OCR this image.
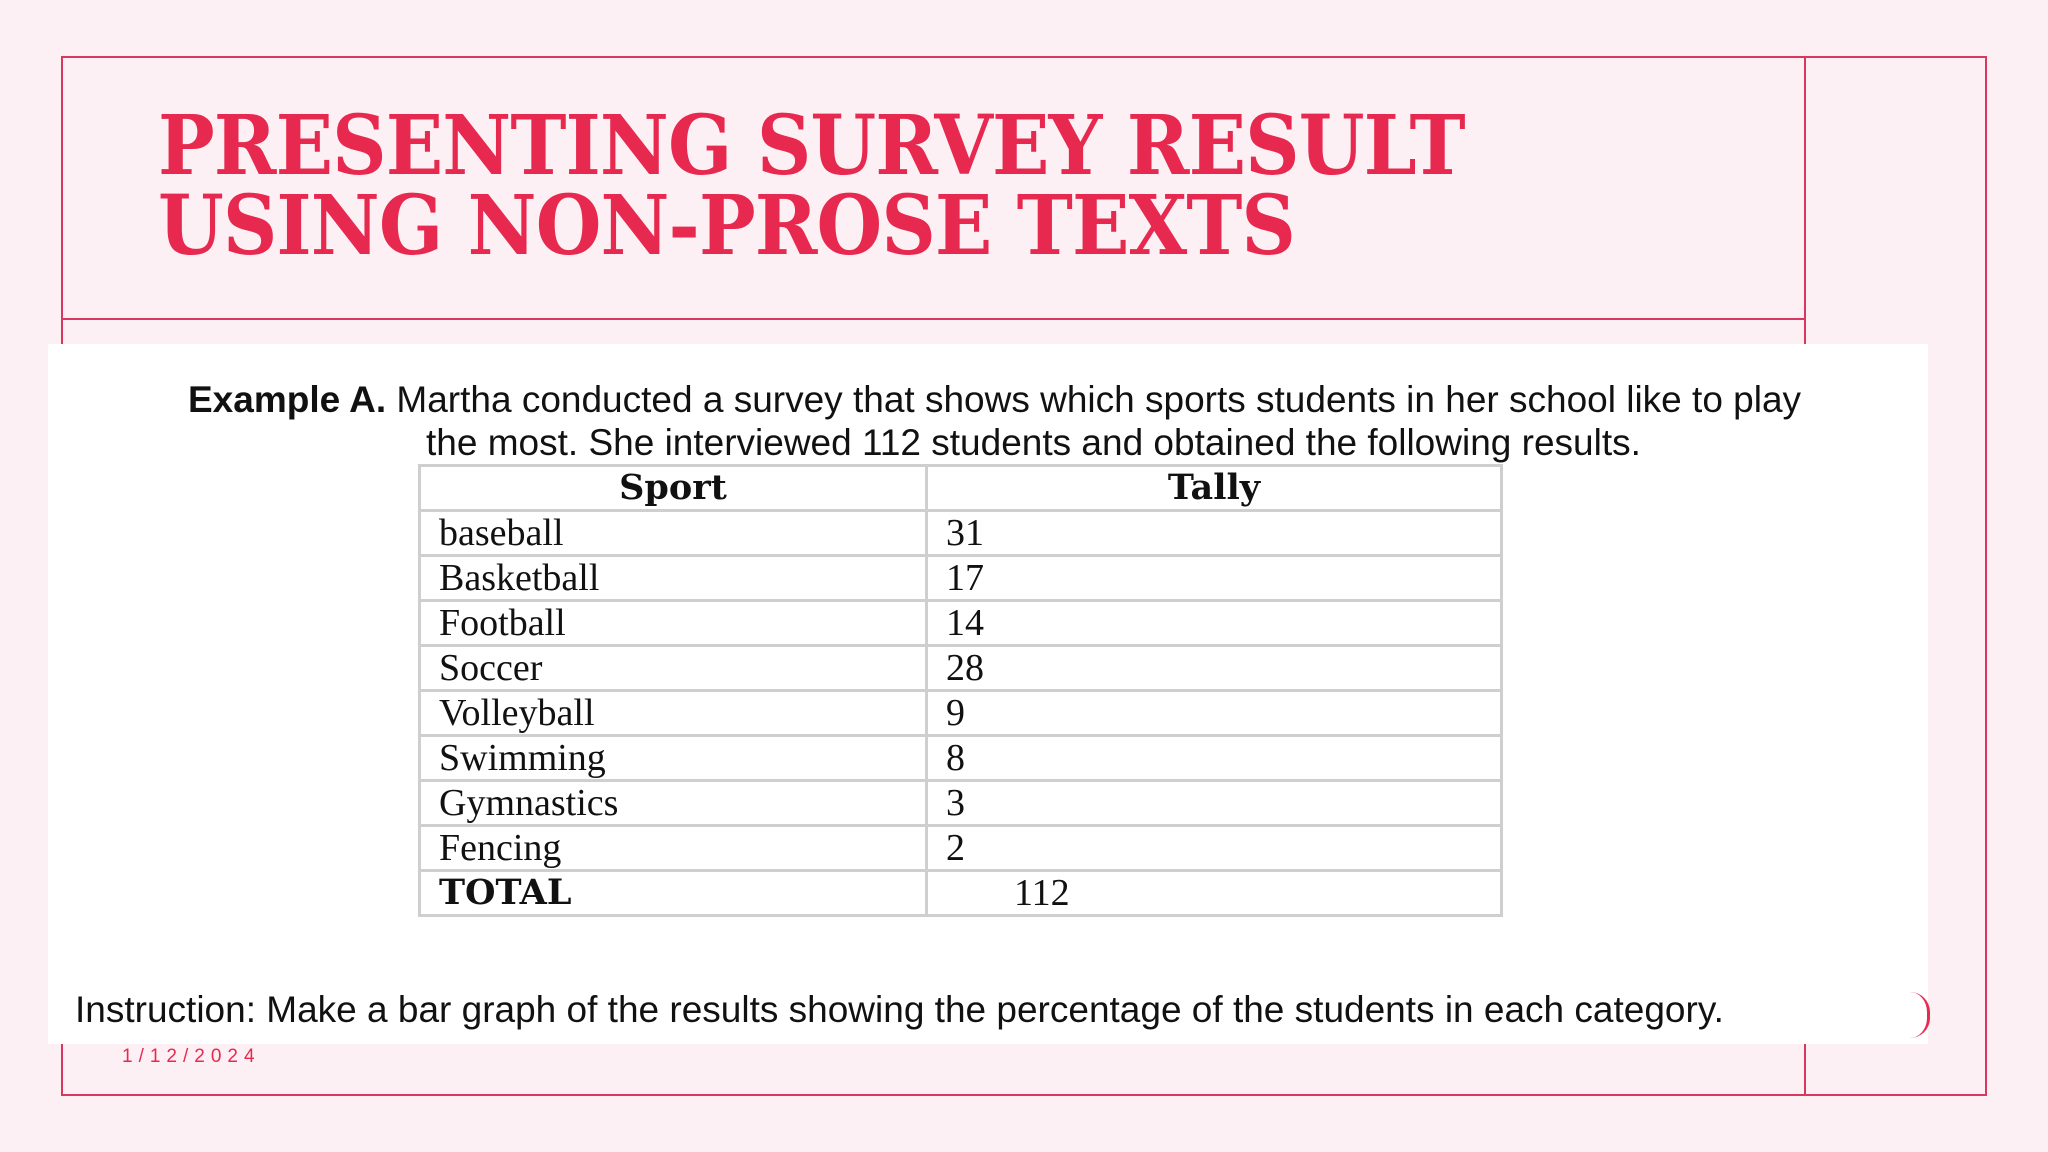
PRESENTING SURVEY RESULT
USING NON-PROSE TEXTS

Example A. Martha conducted a survey that shows which sports students in her school like to play
the most. She interviewed 112 students and obtained the following results.

Sport	Tally
baseball	31
Basketball	17
Football	14
Soccer	28
Volleyball	9
Swimming	8
Gymnastics	3
Fencing	2
TOTAL	112

Instruction: Make a bar graph of the results showing the percentage of the students in each category.

1/12/2024
